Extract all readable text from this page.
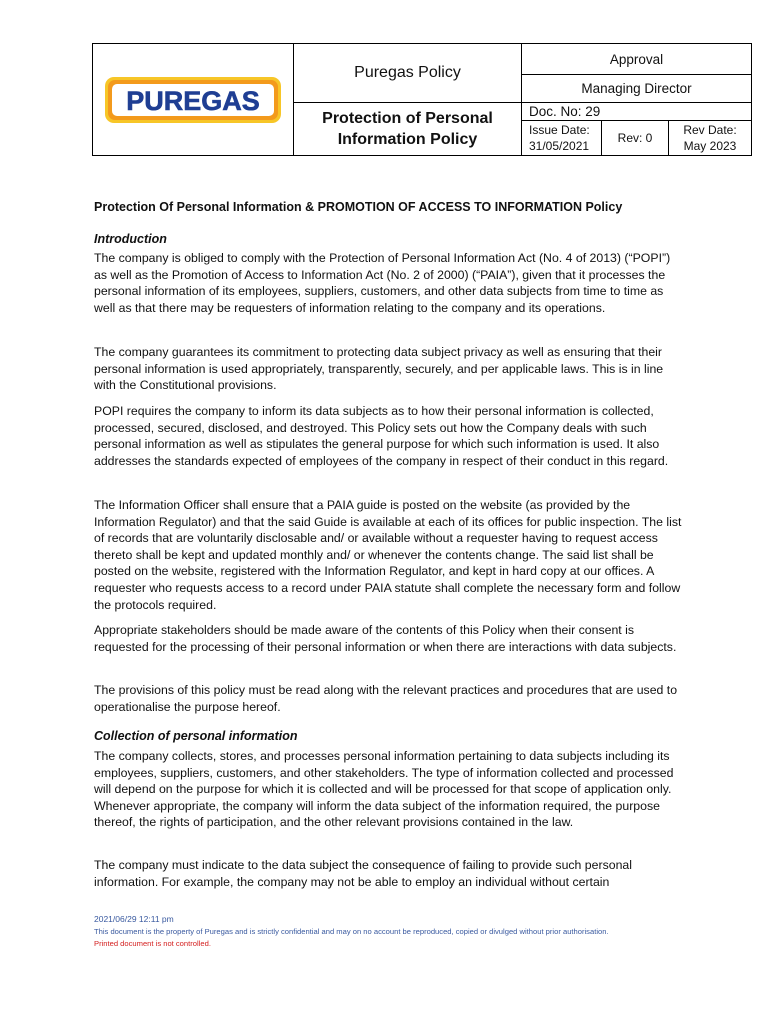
PUREGAS
Puregas Policy
Protection of Personal
Information Policy
Approval
Managing Director
Doc. No: 29
Issue Date:
31/05/2021
Rev: 0
Rev Date:
May 2023
Protection Of Personal Information & PROMOTION OF ACCESS TO INFORMATION Policy
Introduction

The company is obliged to comply with the Protection of Personal Information Act (No. 4 of 2013) (“POPI”) as well as the Promotion of Access to Information Act (No. 2 of 2000) (“PAIA”), given that it processes the personal information of its employees, suppliers, customers, and other data subjects from time to time as well as that there may be requesters of information relating to the company and its operations.

The company guarantees its commitment to protecting data subject privacy as well as ensuring that their personal information is used appropriately, transparently, securely, and per applicable laws. This is in line with the Constitutional provisions.

POPI requires the company to inform its data subjects as to how their personal information is collected, processed, secured, disclosed, and destroyed. This Policy sets out how the Company deals with such personal information as well as stipulates the general purpose for which such information is used. It also addresses the standards expected of employees of the company in respect of their conduct in this regard.

The Information Officer shall ensure that a PAIA guide is posted on the website (as provided by the Information Regulator) and that the said Guide is available at each of its offices for public inspection. The list of records that are voluntarily disclosable and/ or available without a requester having to request access thereto shall be kept and updated monthly and/ or whenever the contents change. The said list shall be posted on the website, registered with the Information Regulator, and kept in hard copy at our offices. A requester who requests access to a record under PAIA statute shall complete the necessary form and follow the protocols required.

Appropriate stakeholders should be made aware of the contents of this Policy when their consent is requested for the processing of their personal information or when there are interactions with data subjects.

The provisions of this policy must be read along with the relevant practices and procedures that are used to operationalise the purpose hereof.

Collection of personal information

The company collects, stores, and processes personal information pertaining to data subjects including its employees, suppliers, customers, and other stakeholders. The type of information collected and processed will depend on the purpose for which it is collected and will be processed for that scope of application only. Whenever appropriate, the company will inform the data subject of the information required, the purpose thereof, the rights of participation, and the other relevant provisions contained in the law.

The company must indicate to the data subject the consequence of failing to provide such personal information. For example, the company may not be able to employ an individual without certain

2021/06/29 12:11 pm
This document is the property of Puregas and is strictly confidential and may on no account be reproduced, copied or divulged without prior authorisation.
Printed document is not controlled.
